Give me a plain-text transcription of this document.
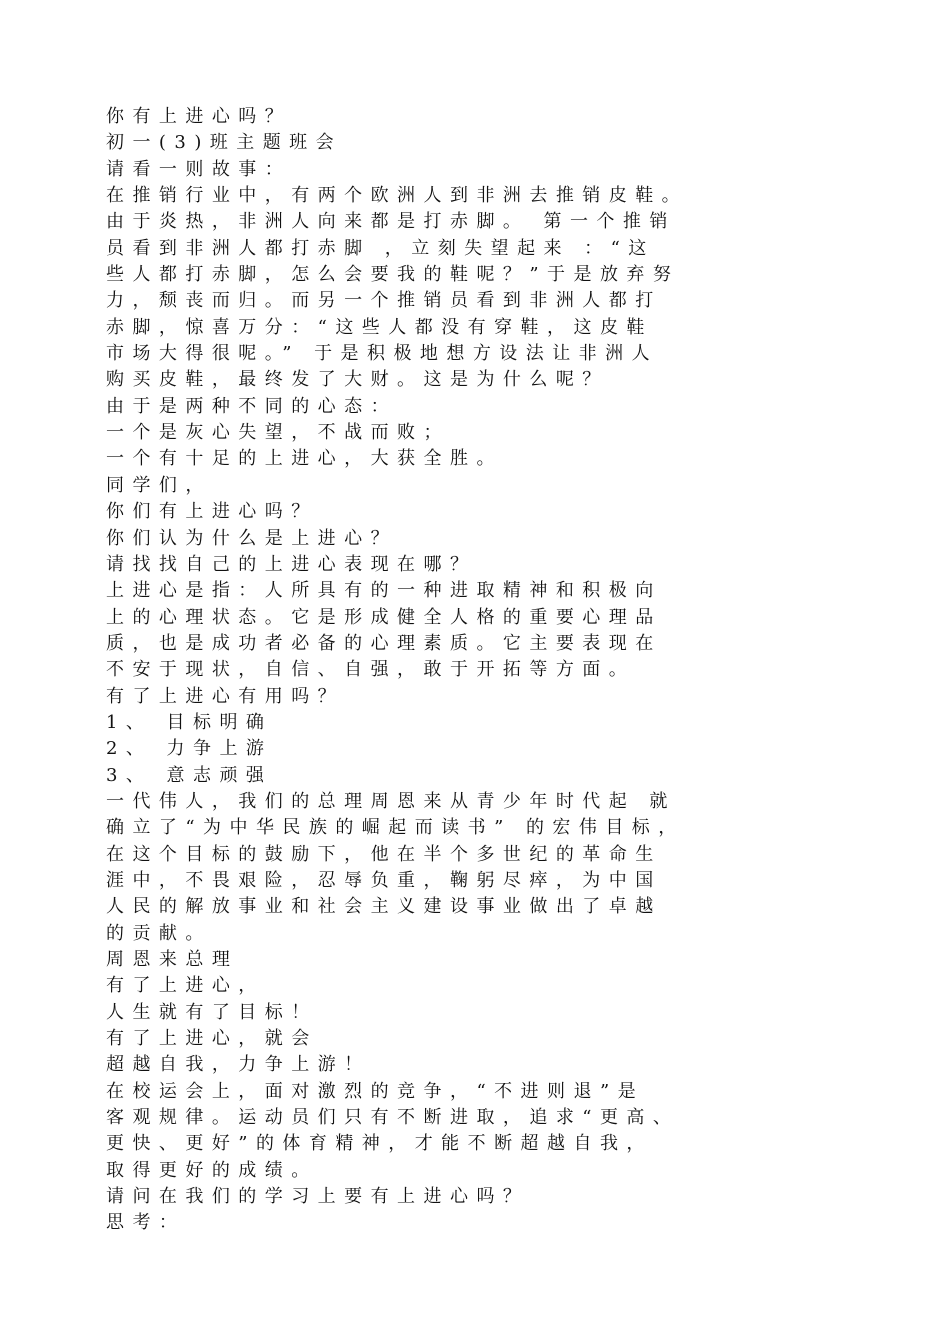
你有上进心吗？
初一(3)班主题班会
请看一则故事：
在推销行业中，有两个欧洲人到非洲去推销皮鞋。
由于炎热，非洲人向来都是打赤脚。 第一个推销
员看到非洲人都打赤脚 ，立刻失望起来 ：“这
些人都打赤脚，怎么会要我的鞋呢？”于是放弃努
力，颓丧而归。而另一个推销员看到非洲人都打
赤脚，惊喜万分：“这些人都没有穿鞋，这皮鞋
市场大得很呢。” 于是积极地想方设法让非洲人
购买皮鞋，最终发了大财。这是为什么呢？
由于是两种不同的心态：
一个是灰心失望，不战而败；
一个有十足的上进心，大获全胜。
同学们，
你们有上进心吗？
你们认为什么是上进心？
请找找自己的上进心表现在哪？
上进心是指：人所具有的一种进取精神和积极向
上的心理状态。它是形成健全人格的重要心理品
质，也是成功者必备的心理素质。它主要表现在
不安于现状，自信、自强，敢于开拓等方面。
有了上进心有用吗？
1、 目标明确
2、 力争上游
3、 意志顽强
一代伟人，我们的总理周恩来从青少年时代起 就
确立了“为中华民族的崛起而读书” 的宏伟目标，
在这个目标的鼓励下，他在半个多世纪的革命生
涯中，不畏艰险，忍辱负重，鞠躬尽瘁，为中国
人民的解放事业和社会主义建设事业做出了卓越
的贡献。
周恩来总理
有了上进心，
人生就有了目标！
有了上进心，就会
超越自我，力争上游！
在校运会上，面对激烈的竞争，“不进则退”是
客观规律。运动员们只有不断进取，追求“更高、
更快、更好”的体育精神，才能不断超越自我，
取得更好的成绩。
请问在我们的学习上要有上进心吗？
思考：
